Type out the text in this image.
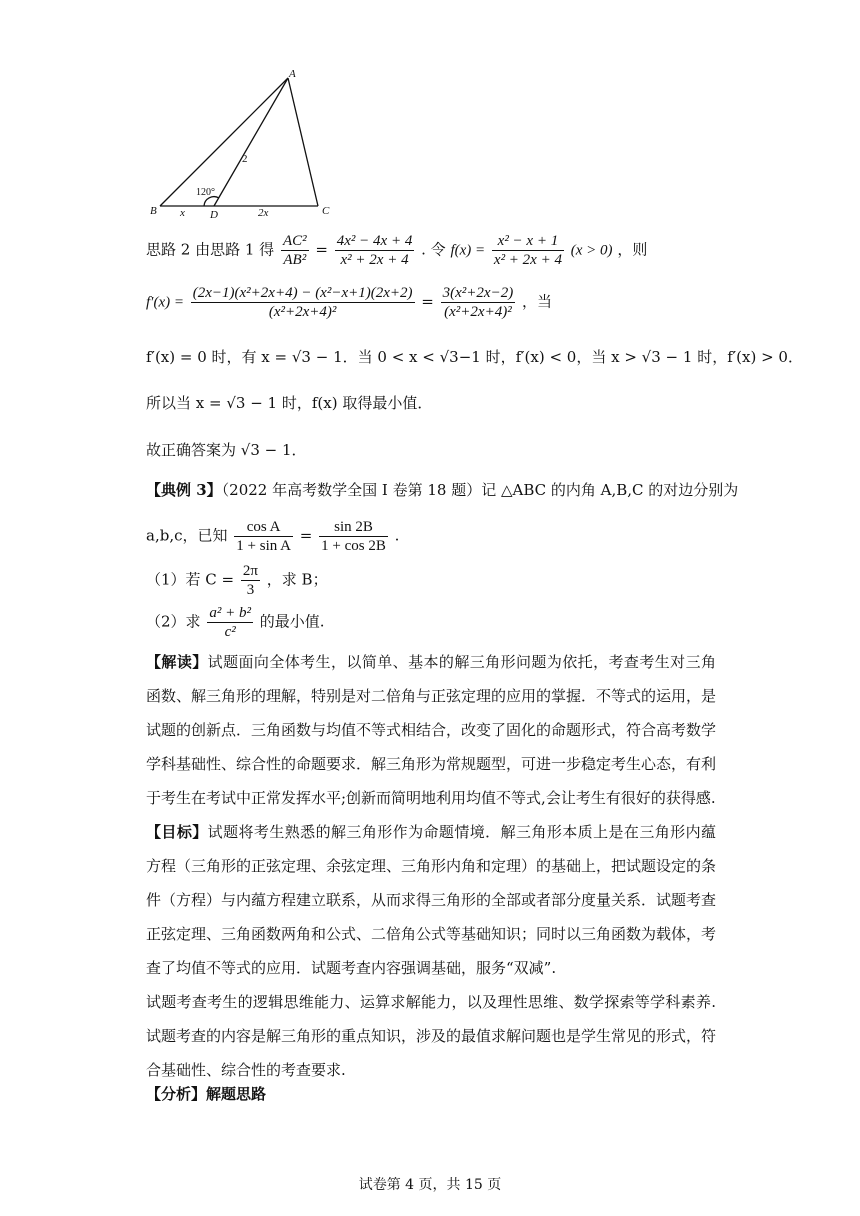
A
B	C
D
2
120°
x	2x
思路 2 由思路 1 得 $\frac{\text{AC²}}{\text{AB²}} = \frac{\text{4x² − 4x + 4}}{\text{x² + 2x + 4}}$ . 令 $f(x) = \frac{\text{x² − x + 1}}{\text{x² + 2x + 4}} (x > 0)$ ，则
$f'(x) = \frac{\text{(2x−1)(x²+2x+4) − (x²−x+1)(2x+2)}}{\text{(x²+2x+4)²}} = \frac{\text{3(x²+2x−2)}}{\text{(x²+2x+4)²}}$ ，当
f′(x) = 0 时，有 x = √3 − 1．当 0 < x < √3−1 时，f′(x) < 0，当 x > √3 − 1 时，f′(x) > 0．
所以当 x = √3 − 1 时，f(x) 取得最小值．
故正确答案为 √3 − 1．
【典例 3】（2022 年高考数学全国 I 卷第 18 题）记 △ABC 的内角 A,B,C 的对边分别为
a,b,c，已知 $\frac{\text{cos A}}{\text{1 + sin A}} = \frac{\sin 2B}{1 + \cos 2B}$ .
（1）若 $C = \frac{2\pi}{3}$ ，求 B；
（2）求 $\frac{\text{a² + b²}}{\text{c²}}$ 的最小值.
【解读】试题面向全体考生，以简单、基本的解三角形问题为依托，考查考生对三角函数、解三角形的理解，特别是对二倍角与正弦定理的应用的掌握．不等式的运用，是试题的创新点．三角函数与均值不等式相结合，改变了固化的命题形式，符合高考数学学科基础性、综合性的命题要求．解三角形为常规题型，可进一步稳定考生心态，有利于考生在考试中正常发挥水平;创新而简明地利用均值不等式,会让考生有很好的获得感.
【目标】试题将考生熟悉的解三角形作为命题情境．解三角形本质上是在三角形内蕴方程（三角形的正弦定理、余弦定理、三角形内角和定理）的基础上，把试题设定的条件（方程）与内蕴方程建立联系，从而求得三角形的全部或者部分度量关系．试题考查正弦定理、三角函数两角和公式、二倍角公式等基础知识；同时以三角函数为载体，考查了均值不等式的应用．试题考查内容强调基础，服务“双减”.
试题考查考生的逻辑思维能力、运算求解能力，以及理性思维、数学探索等学科素养. 试题考查的内容是解三角形的重点知识，涉及的最值求解问题也是学生常见的形式，符合基础性、综合性的考查要求.
【分析】解题思路
试卷第 4 页，共 15 页
